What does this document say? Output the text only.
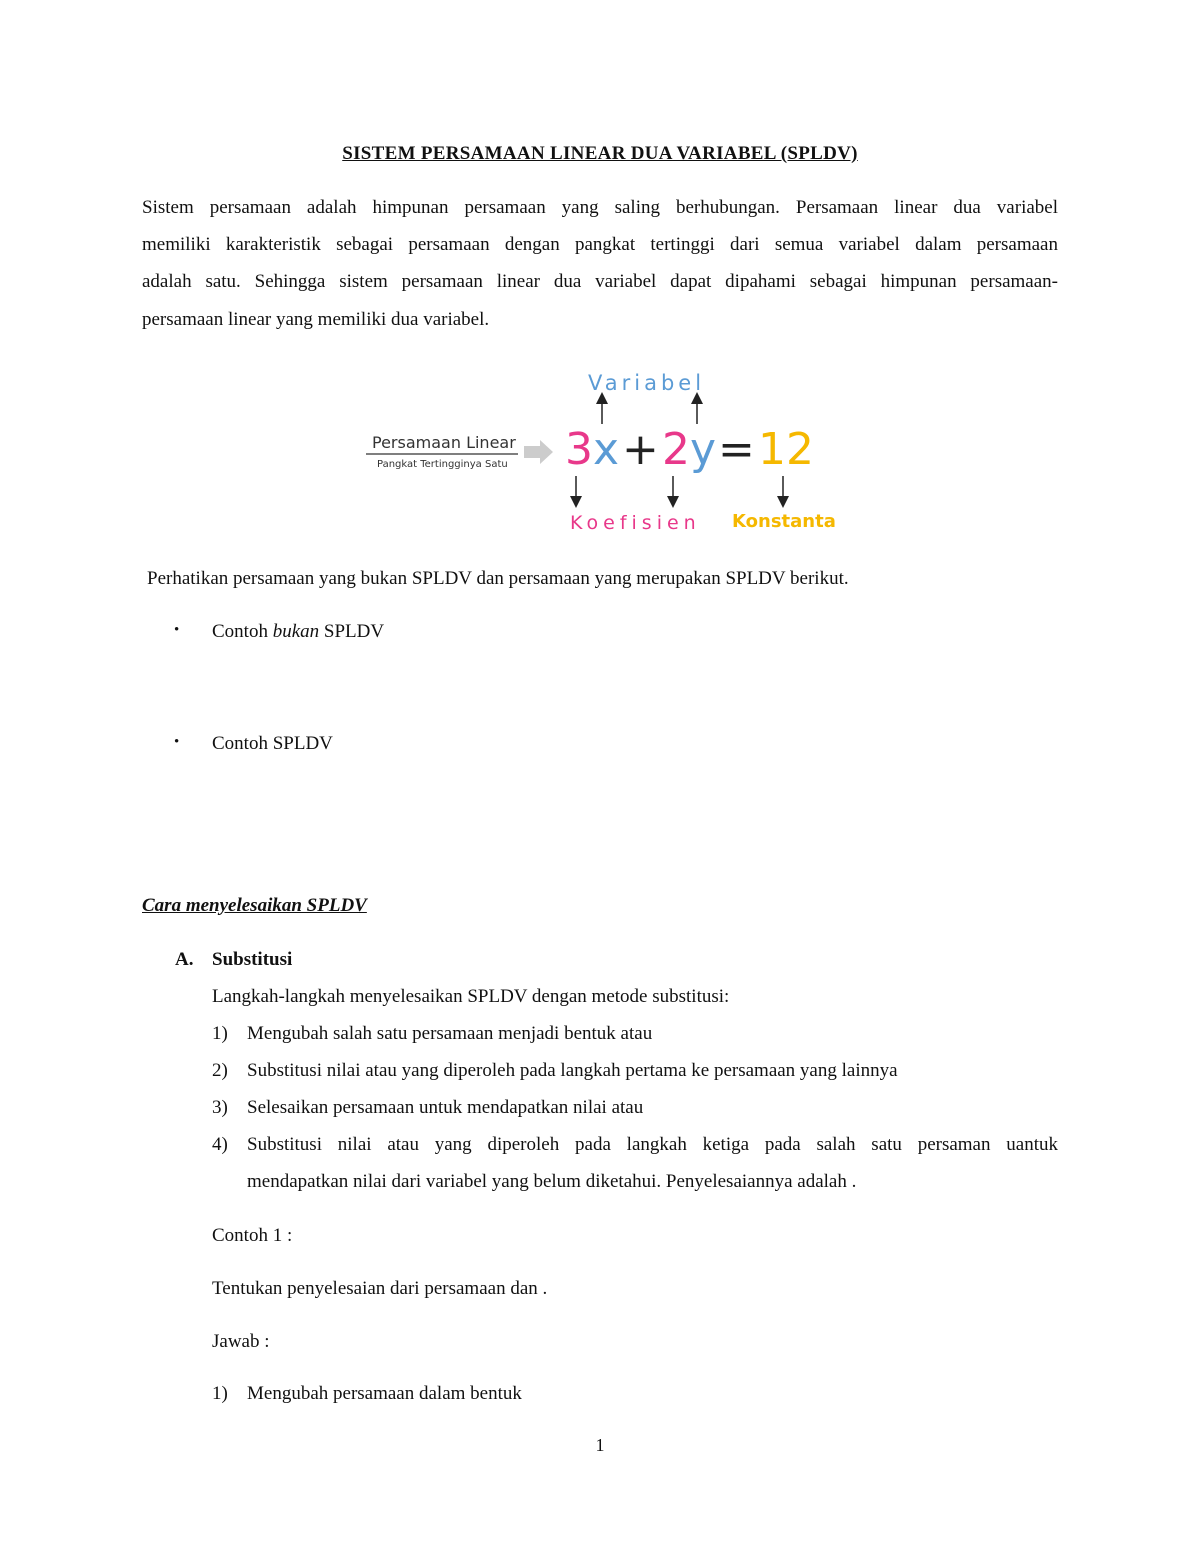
SISTEM PERSAMAAN LINEAR DUA VARIABEL (SPLDV)
Sistem persamaan adalah himpunan persamaan yang saling berhubungan. Persamaan linear dua variabel
memiliki karakteristik sebagai persamaan dengan pangkat tertinggi dari semua variabel dalam persamaan
adalah satu. Sehingga sistem persamaan linear dua variabel dapat dipahami sebagai himpunan persamaan-
persamaan linear yang memiliki dua variabel.
Persamaan Linear
Pangkat Tertingginya Satu
Variabel
3x + 2y = 12
Koefisien Konstanta
Perhatikan persamaan yang bukan SPLDV dan persamaan yang merupakan SPLDV berikut.
• Contoh bukan SPLDV
• Contoh SPLDV
Cara menyelesaikan SPLDV
A. Substitusi
Langkah-langkah menyelesaikan SPLDV dengan metode substitusi:
1) Mengubah salah satu persamaan menjadi bentuk atau
2) Substitusi nilai atau yang diperoleh pada langkah pertama ke persamaan yang lainnya
3) Selesaikan persamaan untuk mendapatkan nilai atau
4) Substitusi nilai atau yang diperoleh pada langkah ketiga pada salah satu persaman uantuk
mendapatkan nilai dari variabel yang belum diketahui. Penyelesaiannya adalah .
Contoh 1 :
Tentukan penyelesaian dari persamaan dan .
Jawab :
1) Mengubah persamaan dalam bentuk
1
